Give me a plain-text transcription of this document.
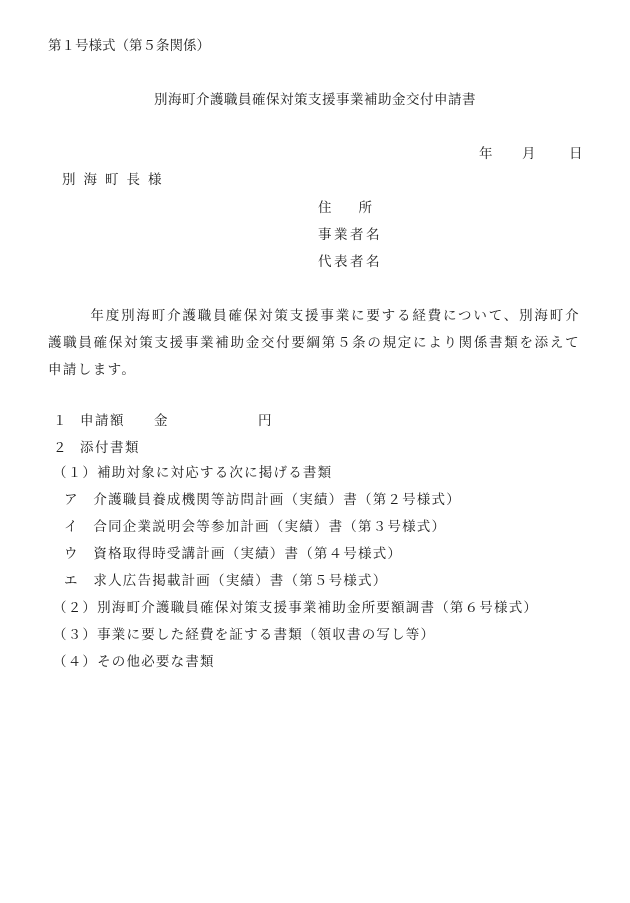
第１号様式（第５条関係）
別海町介護職員確保対策支援事業補助金交付申請書
年 月 日
別海町長様
住　　所
事業者名
代表者名
年度別海町介護職員確保対策支援事業に要する経費について、別海町介護職員確保対策支援事業補助金交付要綱第５条の規定により関係書類を添えて申請します。
１ 申請額 金	円
２ 添付書類
（１）補助対象に対応する次に掲げる書類
ア　介護職員養成機関等訪問計画（実績）書（第２号様式）
イ　合同企業説明会等参加計画（実績）書（第３号様式）
ウ　資格取得時受講計画（実績）書（第４号様式）
エ　求人広告掲載計画（実績）書（第５号様式）
（２）別海町介護職員確保対策支援事業補助金所要額調書（第６号様式）
（３）事業に要した経費を証する書類（領収書の写し等）
（４）その他必要な書類
